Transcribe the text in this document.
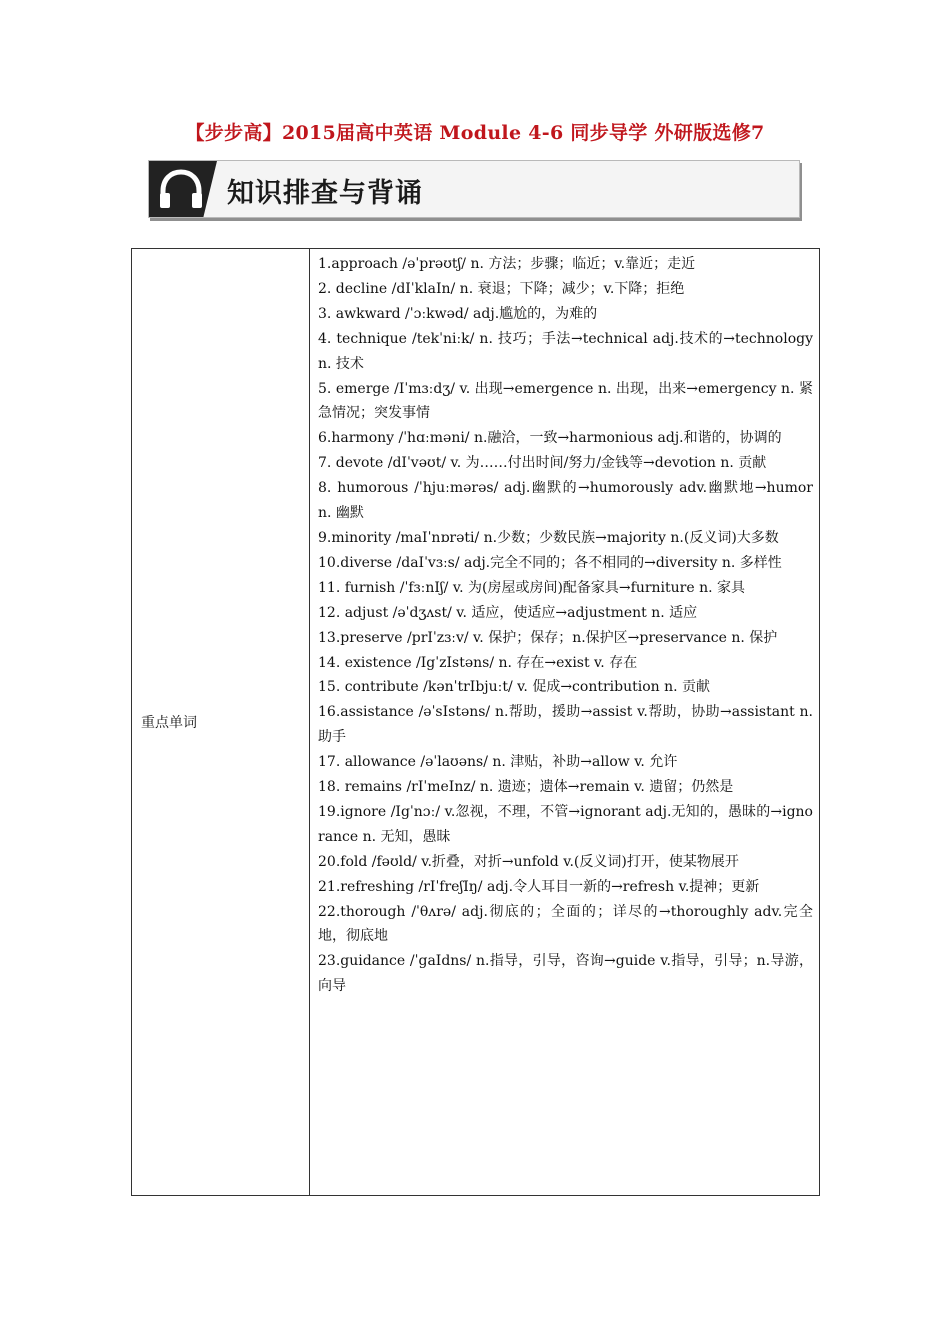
【步步高】2015届高中英语 Module 4-6 同步导学 外研版选修7
知识排查与背诵
重点单词	
1.approach /əˈprəʊtʃ/ n. 方法；步骤；临近；v.靠近；走近
2. decline /dIˈklaIn/ n. 衰退；下降；减少；v.下降；拒绝
3. awkward /ˈɔːkwəd/ adj.尴尬的，为难的
4. technique /tekˈniːk/ n. 技巧；手法→technical adj.技术的→technology n. 技术
5. emerge /Iˈmɜːdʒ/ v. 出现→emergence n. 出现，出来→emergency n. 紧急情况；突发事情
6.harmony /ˈhɑːməni/ n.融洽，一致→harmonious adj.和谐的，协调的
7. devote /dIˈvəʊt/ v. 为……付出时间/努力/金钱等→devotion n. 贡献
8. humorous /ˈhjuːmərəs/ adj.幽默的→humorously adv.幽默地→humor n. 幽默
9.minority /maIˈnɒrəti/ n.少数；少数民族→majority n.(反义词)大多数
10.diverse /daIˈvɜːs/ adj.完全不同的；各不相同的→diversity n. 多样性
11. furnish /ˈfɜːnIʃ/ v. 为(房屋或房间)配备家具→furniture n. 家具
12. adjust /əˈdʒʌst/ v. 适应，使适应→adjustment n. 适应
13.preserve /prIˈzɜːv/ v. 保护；保存；n.保护区→preservance n. 保护
14. existence /IgˈzIstəns/ n. 存在→exist v. 存在
15. contribute /kənˈtrIbjuːt/ v. 促成→contribution n. 贡献
16.assistance /əˈsIstəns/ n.帮助，援助→assist v.帮助，协助→assistant n. 助手
17. allowance /əˈlaʊəns/ n. 津贴，补助→allow v. 允许
18. remains /rIˈmeInz/ n. 遗迹；遗体→remain v. 遗留；仍然是
19.ignore /Igˈnɔː/ v.忽视，不理，不管→ignorant adj.无知的，愚昧的→ignorance n. 无知，愚昧
20.fold /fəʊld/ v.折叠，对折→unfold v.(反义词)打开，使某物展开
21.refreshing /rIˈfreʃIŋ/ adj.令人耳目一新的→refresh v.提神；更新
22.thorough /ˈθʌrə/ adj.彻底的；全面的；详尽的→thoroughly adv.完全地，彻底地
23.guidance /ˈgaIdns/ n.指导，引导，咨询→guide v.指导，引导；n.导游，向导
